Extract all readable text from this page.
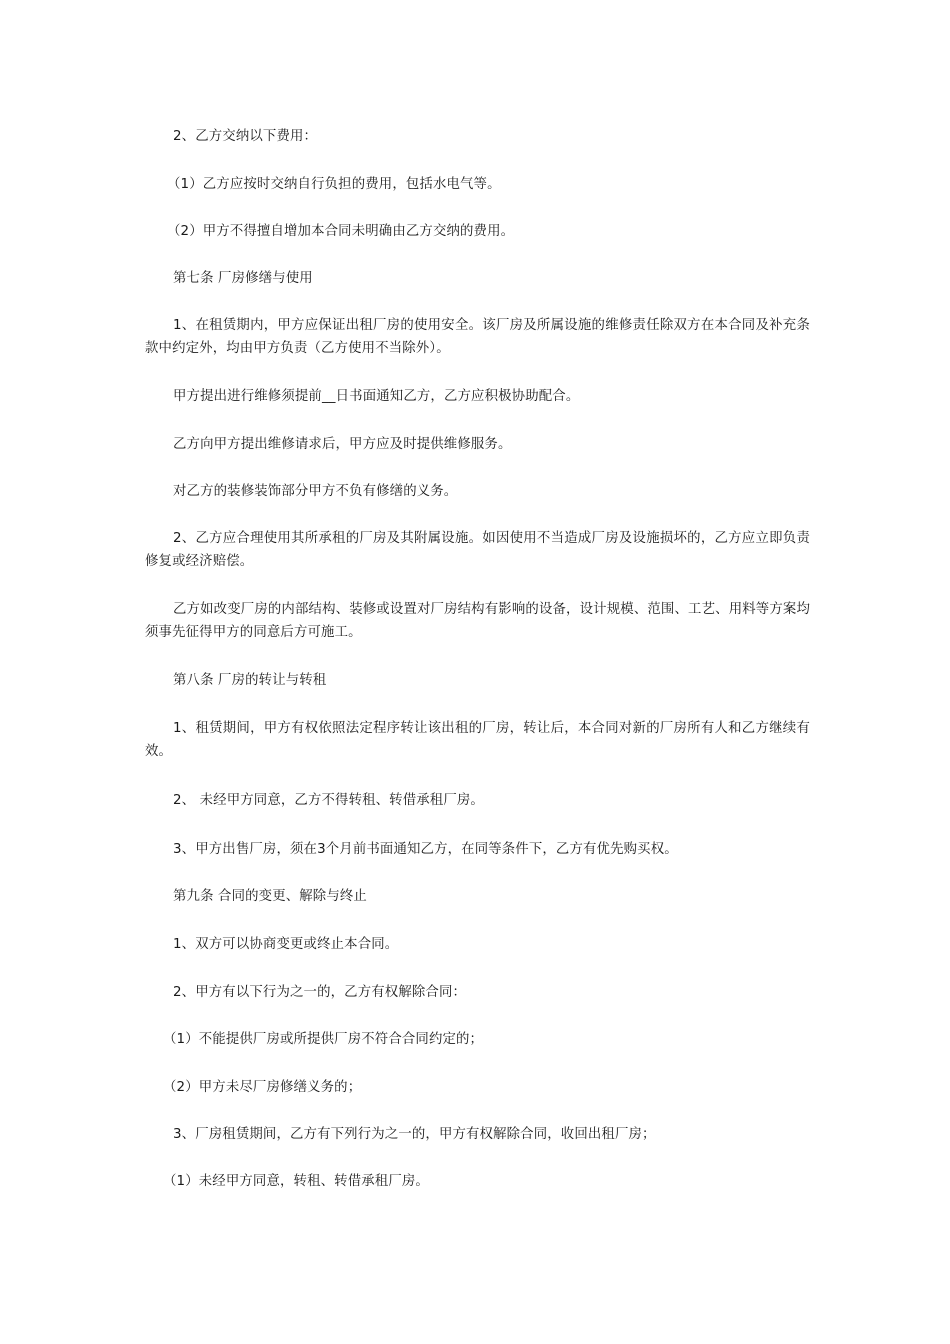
2、乙方交纳以下费用：

（1）乙方应按时交纳自行负担的费用，包括水电气等。

（2）甲方不得擅自增加本合同未明确由乙方交纳的费用。

第七条 厂房修缮与使用

1、在租赁期内，甲方应保证出租厂房的使用安全。该厂房及所属设施的维修责任除双方在本合同及补充条款中约定外，均由甲方负责（乙方使用不当除外）。

甲方提出进行维修须提前__日书面通知乙方，乙方应积极协助配合。

乙方向甲方提出维修请求后，甲方应及时提供维修服务。

对乙方的装修装饰部分甲方不负有修缮的义务。

2、乙方应合理使用其所承租的厂房及其附属设施。如因使用不当造成厂房及设施损坏的，乙方应立即负责修复或经济赔偿。

乙方如改变厂房的内部结构、装修或设置对厂房结构有影响的设备，设计规模、范围、工艺、用料等方案均须事先征得甲方的同意后方可施工。

第八条 厂房的转让与转租

1、租赁期间，甲方有权依照法定程序转让该出租的厂房，转让后，本合同对新的厂房所有人和乙方继续有效。

2、 未经甲方同意，乙方不得转租、转借承租厂房。

3、甲方出售厂房，须在3个月前书面通知乙方，在同等条件下，乙方有优先购买权。

第九条 合同的变更、解除与终止

1、双方可以协商变更或终止本合同。

2、甲方有以下行为之一的，乙方有权解除合同：

（1）不能提供厂房或所提供厂房不符合合同约定的；

（2）甲方未尽厂房修缮义务的；

3、厂房租赁期间，乙方有下列行为之一的，甲方有权解除合同，收回出租厂房；

（1）未经甲方同意，转租、转借承租厂房。
